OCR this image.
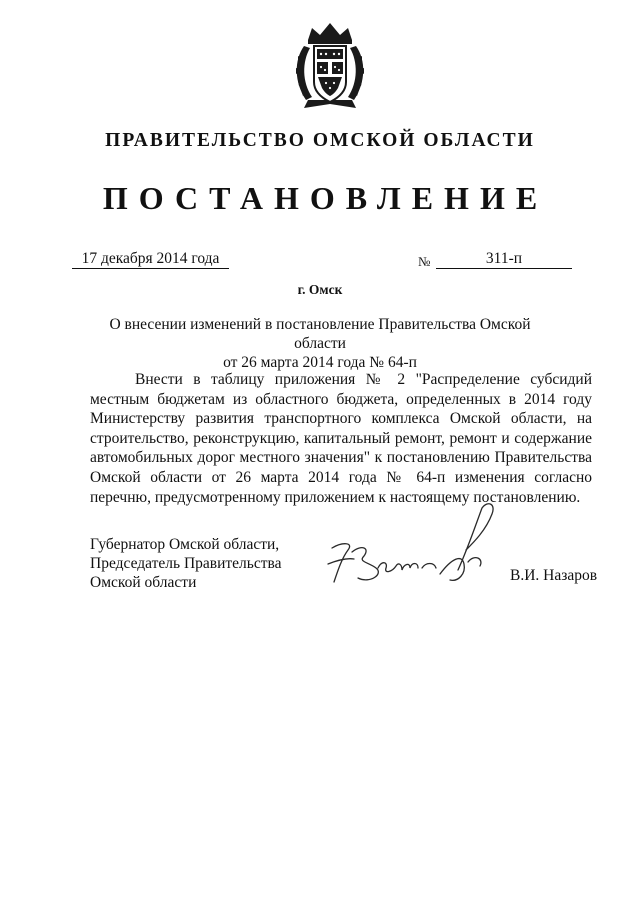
ПРАВИТЕЛЬСТВО ОМСКОЙ ОБЛАСТИ
ПОСТАНОВЛЕНИЕ
17 декабря 2014 года	№	311-п
г. Омск
О внесении изменений в постановление Правительства Омской области
от 26 марта 2014 года № 64-п
Внести в таблицу приложения № 2 "Распределение субсидий местным бюджетам из областного бюджета, определенных в 2014 году Министерству развития транспортного комплекса Омской области, на строительство, реконструкцию, капитальный ремонт, ремонт и содержание автомобильных дорог местного значения" к постановлению Правительства Омской области от 26 марта 2014 года № 64-п изменения согласно перечню, предусмотренному приложением к настоящему постановлению.
Губернатор Омской области,
Председатель Правительства
Омской области	В.И. Назаров
